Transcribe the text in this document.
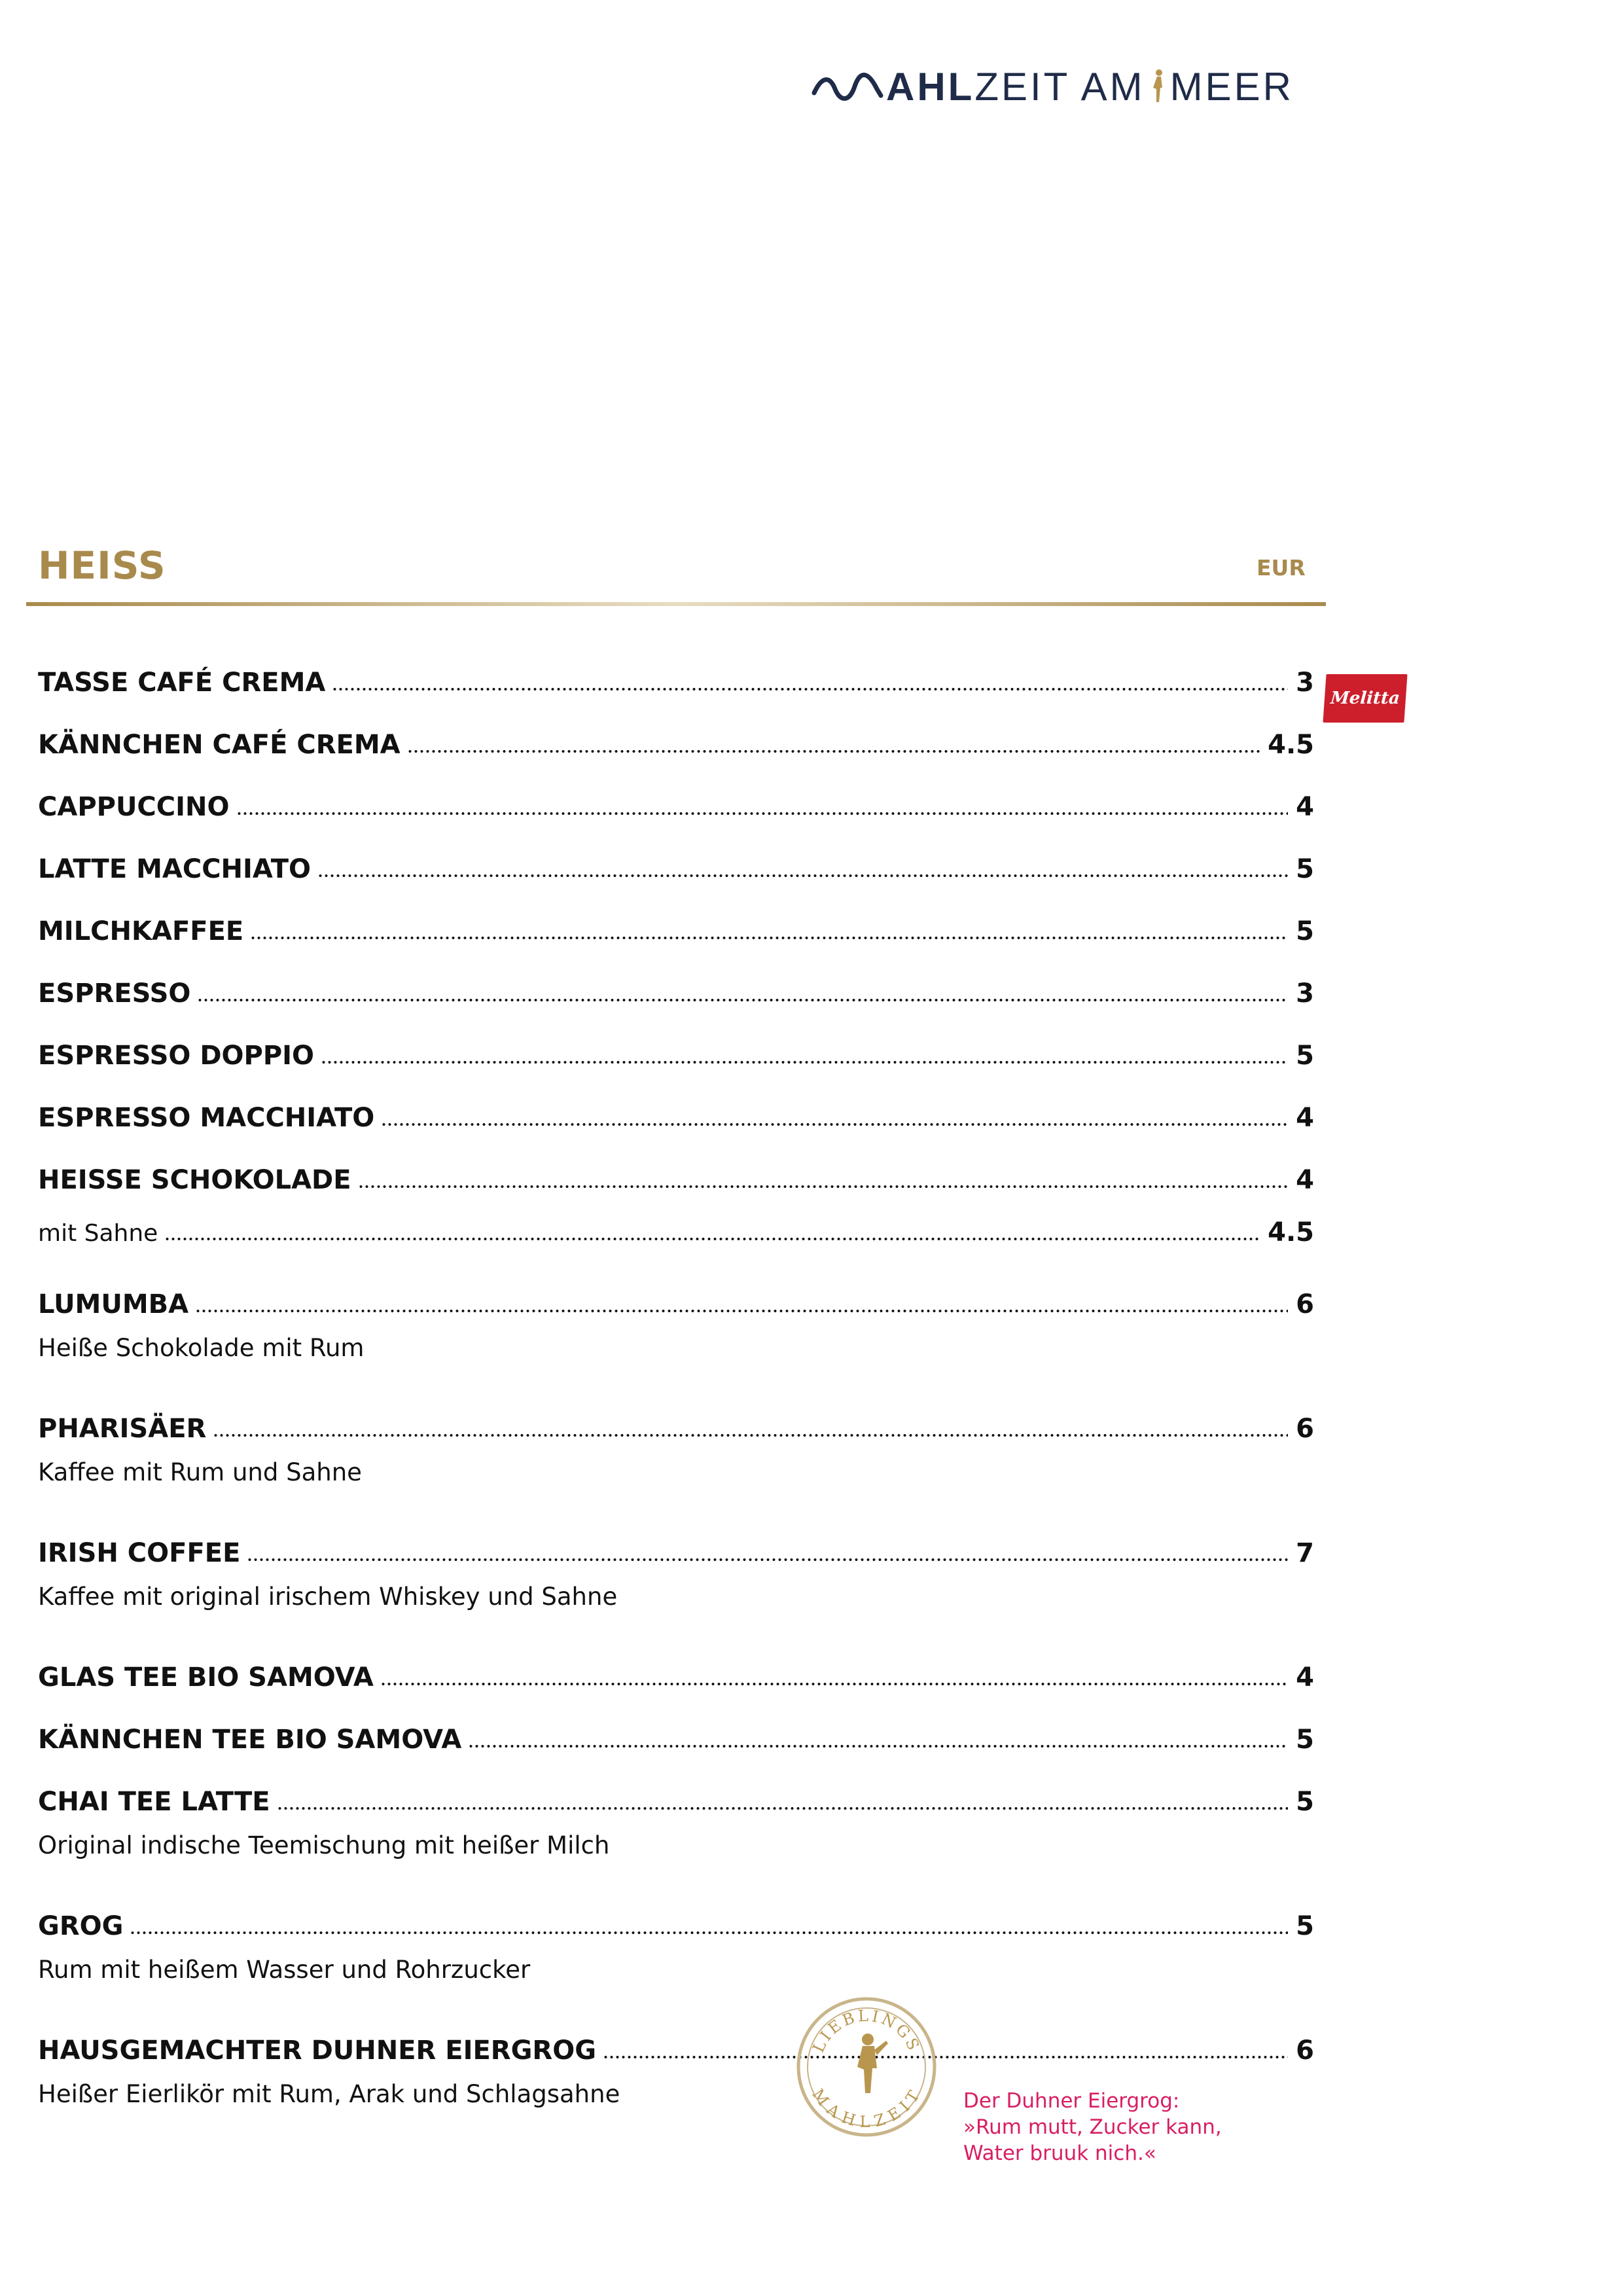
AHL ZEIT AM MEER
HEISS	EUR
Melitta
TASSE CAFÉ CREMA	3
KÄNNCHEN CAFÉ CREMA	4.5
CAPPUCCINO	4
LATTE MACCHIATO	5
MILCHKAFFEE	5
ESPRESSO	3
ESPRESSO DOPPIO	5
ESPRESSO MACCHIATO	4
HEISSE SCHOKOLADE	4
mit Sahne	4.5
LUMUMBA	6
Heiße Schokolade mit Rum
PHARISÄER	6
Kaffee mit Rum und Sahne
IRISH COFFEE	7
Kaffee mit original irischem Whiskey und Sahne
GLAS TEE BIO SAMOVA	4
KÄNNCHEN TEE BIO SAMOVA	5
CHAI TEE LATTE	5
Original indische Teemischung mit heißer Milch
GROG	5
Rum mit heißem Wasser und Rohrzucker
HAUSGEMACHTER DUHNER EIERGROG	6
Heißer Eierlikör mit Rum, Arak und Schlagsahne
LIEBLINGS
MAHLZEIT Der Duhner Eiergrog:
»Rum mutt, Zucker kann,
Water bruuk nich.«
